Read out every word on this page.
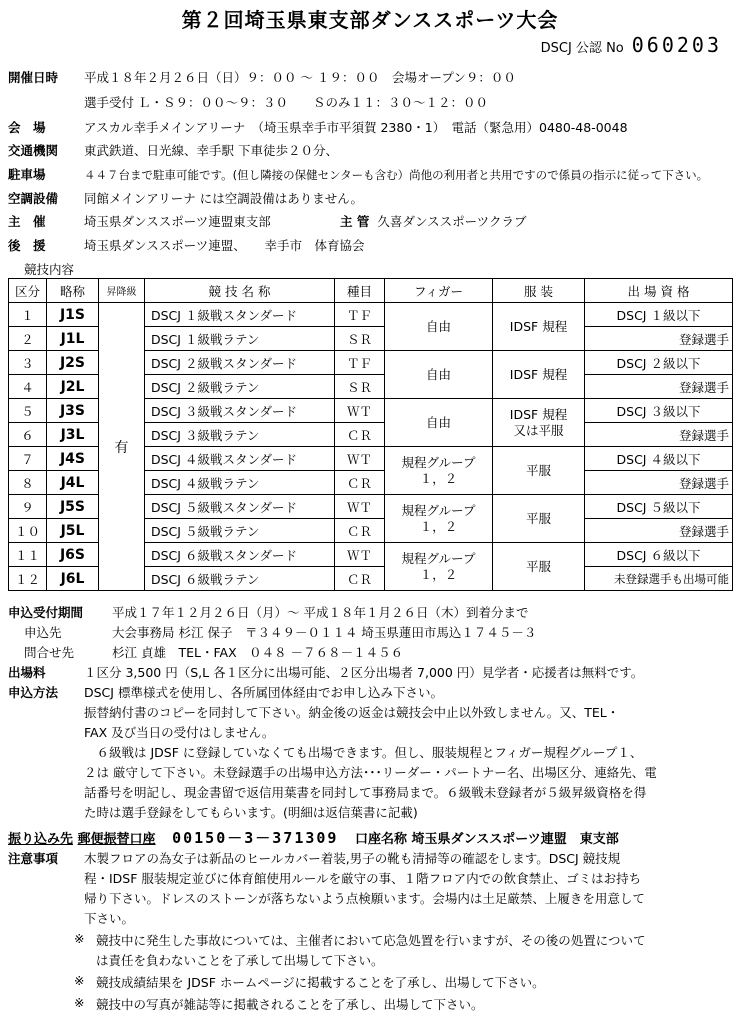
第２回埼玉県東支部ダンススポーツ大会
DSCJ 公認 No 060203
開催日時 平成１８年２月２６日（日）９：００ ～ １９：００　会場オープン９：００
選手受付 Ｌ・Ｓ９：００～９：３０　　Ｓのみ１１：３０～１２：００
会　場	アスカル幸手メインアリーナ　（埼玉県幸手市平須賀 2380・1）　電話（緊急用）0480-48-0048
交通機関 東武鉄道、日光線、幸手駅 下車徒歩２０分、
駐車場	４４７台まで駐車可能です。(但し隣接の保健センターも含む）尚他の利用者と共用ですので係員の指示に従って下さい。
空調設備 同館メインアリーナ には空調設備はありません。
主　催	埼玉県ダンススポーツ連盟東支部	主 管 久喜ダンススポーツクラブ
後　援	埼玉県ダンススポーツ連盟、　　幸手市　体育協会
競技内容
区分	略称	昇降級	競 技 名 称	種目	フィガー	服 装	出 場 資 格
１	J1S	有	DSCJ １級戦スタンダード	ＴＦ	自由	IDSF 規程	DSCJ １級以下
２	J1L		DSCJ １級戦ラテン	ＳＲ			登録選手
３	J2S		DSCJ ２級戦スタンダード	ＴＦ	自由	IDSF 規程	DSCJ ２級以下
４	J2L		DSCJ ２級戦ラテン	ＳＲ			登録選手
５	J3S		DSCJ ３級戦スタンダード	ＷＴ	自由	IDSF 規程
又は平服	DSCJ ３級以下
６	J3L		DSCJ ３級戦ラテン	ＣＲ			登録選手
７	J4S		DSCJ ４級戦スタンダード	ＷＴ	規程グループ
１，２	平服	DSCJ ４級以下
８	J4L		DSCJ ４級戦ラテン	ＣＲ			登録選手
９	J5S		DSCJ ５級戦スタンダード	ＷＴ	規程グループ
１，２	平服	DSCJ ５級以下
１０	J5L		DSCJ ５級戦ラテン	ＣＲ			登録選手
１１	J6S		DSCJ ６級戦スタンダード	ＷＴ	規程グループ
１，２	平服	DSCJ ６級以下
１２	J6L		DSCJ ６級戦ラテン	ＣＲ			未登録選手も出場可能
申込受付期間 平成１７年１２月２６日（月）～ 平成１８年１月２６日（木）到着分まで
申込先	大会事務局 杉江 保子　〒３４９－０１１４ 埼玉県蓮田市馬込１７４５－３
問合せ先	杉江 貞雄　TEL・FAX　０４８ －７６８－１４５６
出場料	１区分 3,500 円（S,L 各１区分に出場可能、２区分出場者 7,000 円）見学者・応援者は無料です。
申込方法	DSCJ 標準様式を使用し、各所属団体経由でお申し込み下さい。
振替納付書のコピーを同封して下さい。納金後の返金は競技会中止以外致しません。又、TEL・
FAX 及び当日の受付はしません。
　６級戦は JDSF に登録していなくても出場できます。但し、服装規程とフィガー規程グループ１、
２は 厳守して下さい。未登録選手の出場申込方法･･･リーダー・パートナー名、出場区分、連絡先、電
話番号を明記し、現金書留で返信用葉書を同封して事務局まで。６級戦未登録者が５級昇級資格を得
た時は選手登録をしてもらいます。(明細は返信葉書に記載)
振り込み先 郵便振替口座 00150－3－371309 口座名称 埼玉県ダンススポーツ連盟　東支部
注意事項	木製フロアの為女子は新品のヒールカバー着装,男子の靴も清掃等の確認をします。DSCJ 競技規
程・IDSF 服装規定並びに体育館使用ルールを厳守の事、１階フロア内での飲食禁止、ゴミはお持ち
帰り下さい。ドレスのストーンが落ちないよう点検願います。会場内は土足厳禁、上履きを用意して
下さい。
※ 競技中に発生した事故については、主催者において応急処置を行いますが、その後の処置について
は責任を負わないことを了承して出場して下さい。
※ 競技成績結果を JDSF ホームページに掲載することを了承し、出場して下さい。
※ 競技中の写真が雑誌等に掲載されることを了承し、出場して下さい。
